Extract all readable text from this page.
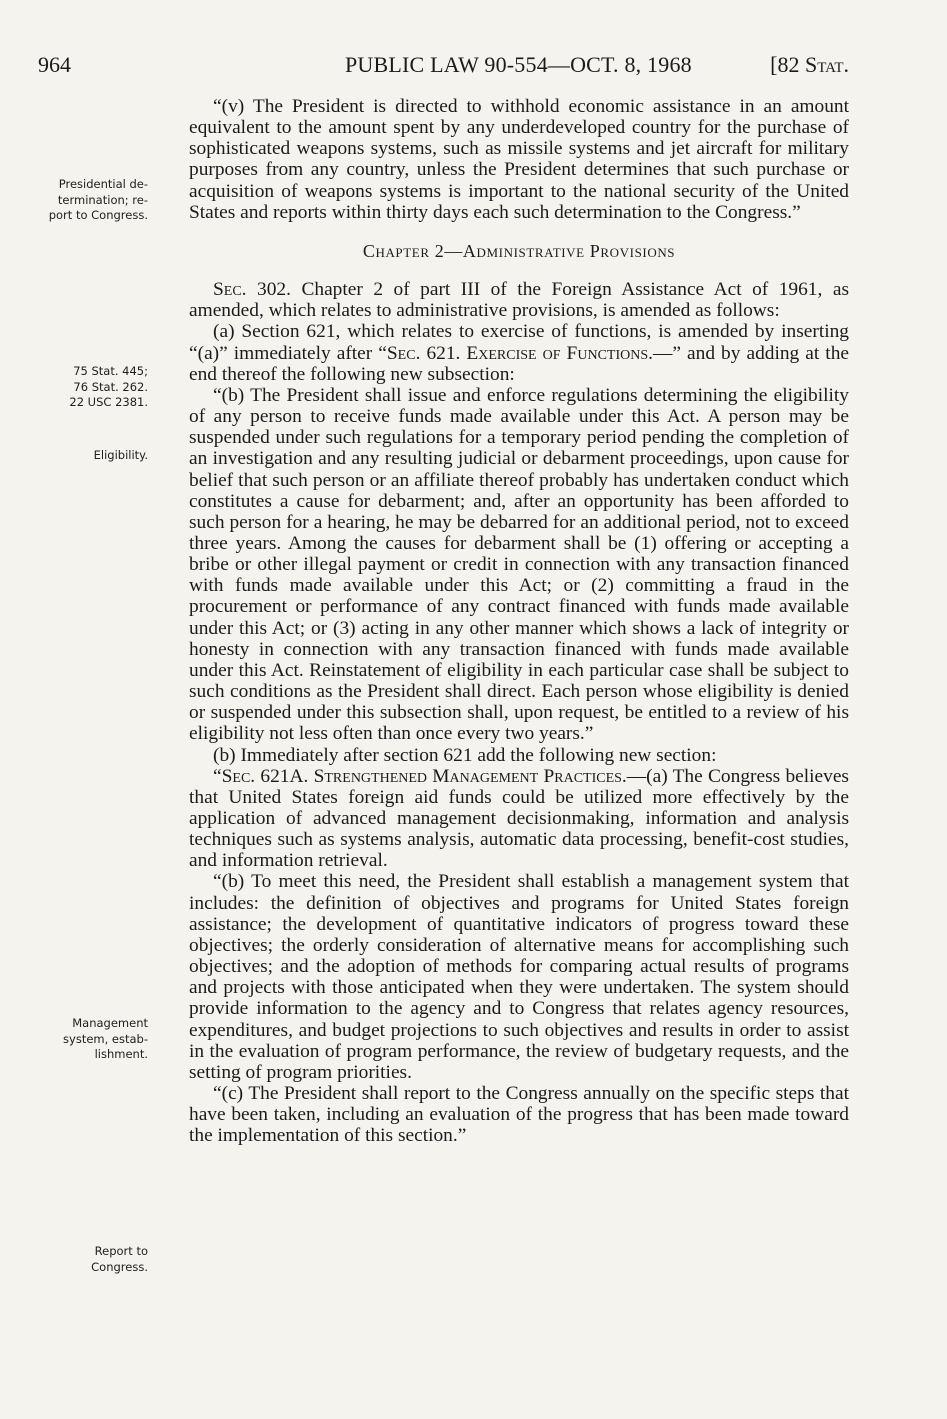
964	PUBLIC LAW 90-554—OCT. 8, 1968	[82 Stat.
Presidential de-
termination; re-
port to Congress.
75 Stat. 445;
76 Stat. 262.
22 USC 2381.
Eligibility.
Management
system, estab-
lishment.
Report to
Congress.

“(v) The President is directed to withhold economic assistance in an amount equivalent to the amount spent by any underdeveloped country for the purchase of sophisticated weapons systems, such as missile systems and jet aircraft for military purposes from any country, unless the President determines that such purchase or acquisition of weapons systems is important to the national security of the United States and reports within thirty days each such determination to the Congress.”

Chapter 2—Administrative Provisions

Sec. 302. Chapter 2 of part III of the Foreign Assistance Act of 1961, as amended, which relates to administrative provisions, is amended as follows:

(a) Section 621, which relates to exercise of functions, is amended by inserting “(a)” immediately after “Sec. 621. Exercise of Functions.—” and by adding at the end thereof the following new subsection:

“(b) The President shall issue and enforce regulations determining the eligibility of any person to receive funds made available under this Act. A person may be suspended under such regulations for a temporary period pending the completion of an investigation and any resulting judicial or debarment proceedings, upon cause for belief that such person or an affiliate thereof probably has undertaken conduct which constitutes a cause for debarment; and, after an opportunity has been afforded to such person for a hearing, he may be debarred for an additional period, not to exceed three years. Among the causes for debarment shall be (1) offering or accepting a bribe or other illegal payment or credit in connection with any transaction financed with funds made available under this Act; or (2) committing a fraud in the procurement or performance of any contract financed with funds made available under this Act; or (3) acting in any other manner which shows a lack of integrity or honesty in connection with any transaction financed with funds made available under this Act. Reinstatement of eligibility in each particular case shall be subject to such conditions as the President shall direct. Each person whose eligibility is denied or suspended under this subsection shall, upon request, be entitled to a review of his eligibility not less often than once every two years.”

(b) Immediately after section 621 add the following new section:

“Sec. 621A. Strengthened Management Practices.—(a) The Congress believes that United States foreign aid funds could be utilized more effectively by the application of advanced management decisionmaking, information and analysis techniques such as systems analysis, automatic data processing, benefit-cost studies, and information retrieval.

“(b) To meet this need, the President shall establish a management system that includes: the definition of objectives and programs for United States foreign assistance; the development of quantitative indicators of progress toward these objectives; the orderly consideration of alternative means for accomplishing such objectives; and the adoption of methods for comparing actual results of programs and projects with those anticipated when they were undertaken. The system should provide information to the agency and to Congress that relates agency resources, expenditures, and budget projections to such objectives and results in order to assist in the evaluation of program performance, the review of budgetary requests, and the setting of program priorities.

“(c) The President shall report to the Congress annually on the specific steps that have been taken, including an evaluation of the progress that has been made toward the implementation of this section.”
